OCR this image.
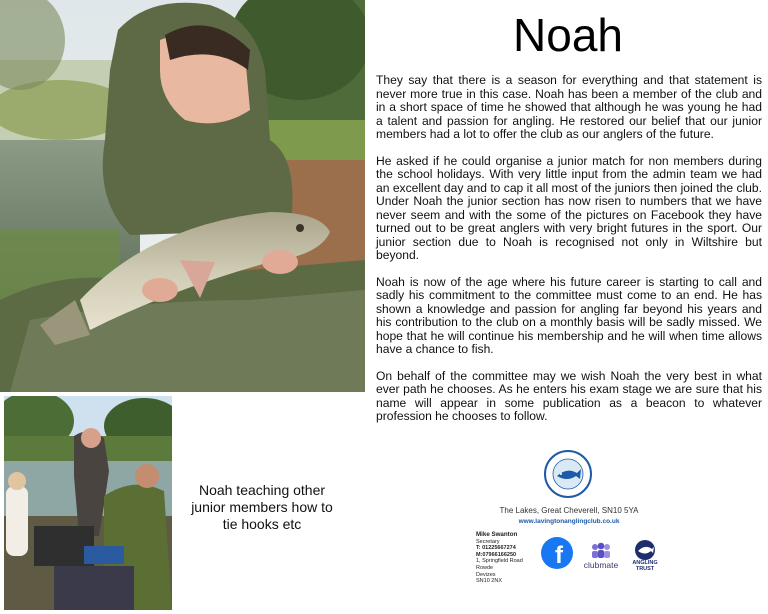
Noah

They say that there is a season for everything and that statement is never more true in this case. Noah has been a member of the club and in a short space of time he showed that although he was young he had a talent and passion for angling. He restored our belief that our junior members had a lot to offer the club as our anglers of the future.

He asked if he could organise a junior match for non members during the school holidays. With very little input from the admin team we had an excellent day and to cap it all most of the juniors then joined the club. Under Noah the junior section has now risen to numbers that we have never seem and with the some of the pictures on Facebook they have turned out to be great anglers with very bright futures in the sport. Our junior section due to Noah is recognised not only in Wiltshire but beyond.

Noah is now of the age where his future career is starting to call and sadly his commitment to the committee must come to an end. He has shown a knowledge and passion for angling far beyond his years and his contribution to the club on a monthly basis will be sadly missed. We hope that he will continue his membership and he will when time allows have a chance to fish.

On behalf of the committee may we wish Noah the very best in what ever path he chooses. As he enters his exam stage we are sure that his name will appear in some publication as a beacon to whatever profession he chooses to follow.

Noah teaching other junior members how to tie hooks etc
The Lakes, Great Cheverell, SN10 5YA
www.lavingtonanglingclub.co.uk
Mike Swanton
Secretary
T: 01225667274
M:07966166250
1, Springfield Road
Rowde
Devizes
SN10 2NX
f	clubmate	ANGLING
TRUST
